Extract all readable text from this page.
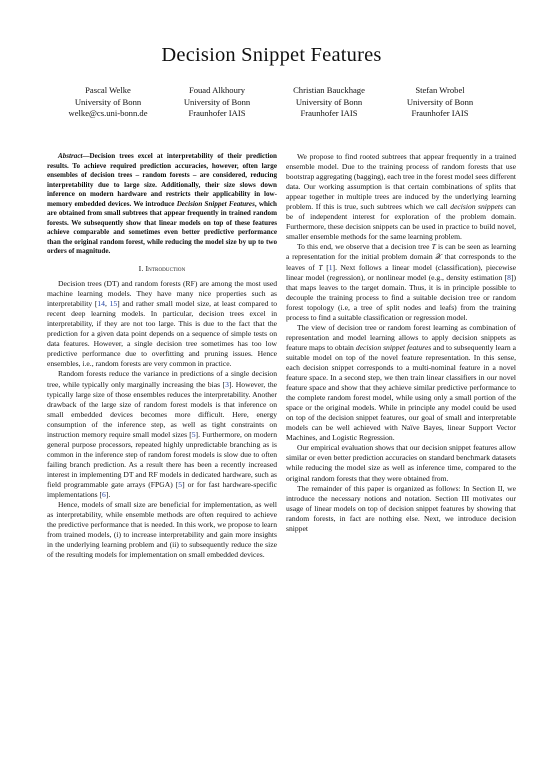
Decision Snippet Features
Pascal Welke
University of Bonn
welke@cs.uni-bonn.de
Fouad Alkhoury
University of Bonn
Fraunhofer IAIS
Christian Bauckhage
University of Bonn
Fraunhofer IAIS
Stefan Wrobel
University of Bonn
Fraunhofer IAIS

Abstract—Decision trees excel at interpretability of their prediction results. To achieve required prediction accuracies, however, often large ensembles of decision trees – random forests – are considered, reducing interpretability due to large size. Additionally, their size slows down inference on modern hardware and restricts their applicability in low-memory embedded devices. We introduce Decision Snippet Features, which are obtained from small subtrees that appear frequently in trained random forests. We subsequently show that linear models on top of these features achieve comparable and sometimes even better predictive performance than the original random forest, while reducing the model size by up to two orders of magnitude.

I. Introduction

Decision trees (DT) and random forests (RF) are among the most used machine learning models. They have many nice properties such as interpretability [14, 15] and rather small model size, at least compared to recent deep learning models. In particular, decision trees excel in interpretability, if they are not too large. This is due to the fact that the prediction for a given data point depends on a sequence of simple tests on data features. However, a single decision tree sometimes has too low predictive performance due to overfitting and pruning issues. Hence ensembles, i.e., random forests are very common in practice.

Random forests reduce the variance in predictions of a single decision tree, while typically only marginally increasing the bias [3]. However, the typically large size of those ensembles reduces the interpretability. Another drawback of the large size of random forest models is that inference on small embedded devices becomes more difficult. Here, energy consumption of the inference step, as well as tight constraints on instruction memory require small model sizes [5]. Furthermore, on modern general purpose processors, repeated highly unpredictable branching as is common in the inference step of random forest models is slow due to often failing branch prediction. As a result there has been a recently increased interest in implementing DT and RF models in dedicated hardware, such as field programmable gate arrays (FPGA) [5] or for fast hardware-specific implementations [6].

Hence, models of small size are beneficial for implementation, as well as interpretability, while ensemble methods are often required to achieve the predictive performance that is needed. In this work, we propose to learn from trained models, (i) to increase interpretability and gain more insights in the underlying learning problem and (ii) to subsequently reduce the size of the resulting models for implementation on small embedded devices.

We propose to find rooted subtrees that appear frequently in a trained ensemble model. Due to the training process of random forests that use bootstrap aggregating (bagging), each tree in the forest model sees different data. Our working assumption is that certain combinations of splits that appear together in multiple trees are induced by the underlying learning problem. If this is true, such subtrees which we call decision snippets can be of independent interest for exploration of the problem domain. Furthermore, these decision snippets can be used in practice to build novel, smaller ensemble methods for the same learning problem.

To this end, we observe that a decision tree T is can be seen as learning a representation for the initial problem domain 𝒳 that corresponds to the leaves of T [1]. Next follows a linear model (classification), piecewise linear model (regression), or nonlinear model (e.g., density estimation [8]) that maps leaves to the target domain. Thus, it is in principle possible to decouple the training process to find a suitable decision tree or random forest topology (i.e, a tree of split nodes and leafs) from the training process to find a suitable classification or regression model.

The view of decision tree or random forest learning as combination of representation and model learning allows to apply decision snippets as feature maps to obtain decision snippet features and to subsequently learn a suitable model on top of the novel feature representation. In this sense, each decision snippet corresponds to a multi-nominal feature in a novel feature space. In a second step, we then train linear classifiers in our novel feature space and show that they achieve similar predictive performance to the complete random forest model, while using only a small portion of the space or the original models. While in principle any model could be used on top of the decision snippet features, our goal of small and interpretable models can be well achieved with Naïve Bayes, linear Support Vector Machines, and Logistic Regression.

Our empirical evaluation shows that our decision snippet features allow similar or even better prediction accuracies on standard benchmark datasets while reducing the model size as well as inference time, compared to the original random forests that they were obtained from.

The remainder of this paper is organized as follows: In Section II, we introduce the necessary notions and notation. Section III motivates our usage of linear models on top of decision snippet features by showing that random forests, in fact are nothing else. Next, we introduce decision snippet
